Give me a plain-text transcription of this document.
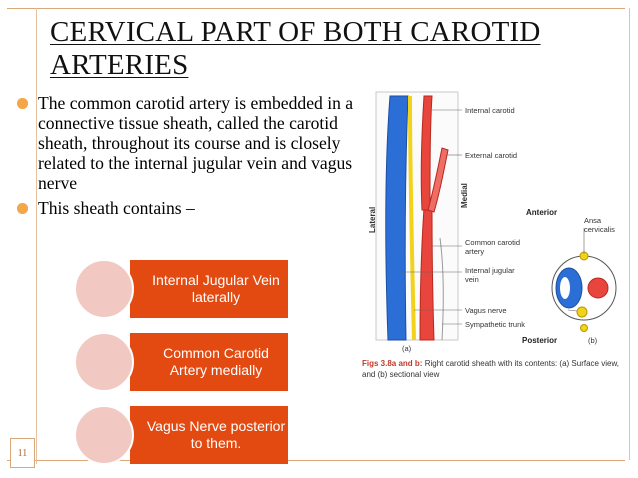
CERVICAL PART OF BOTH CAROTID ARTERIES
The common carotid artery is embedded in a connective tissue sheath, called the carotid sheath, throughout its course and is closely related to the internal jugular vein and vagus nerve
This sheath contains –
Internal Jugular Vein laterally
Common Carotid Artery medially
Vagus Nerve posterior to them.
11
Internal carotid
External carotid
Lateral
Medial
Anterior
Ansa cervicalis
Common carotid artery
Internal jugular vein
Vagus nerve
Sympathetic trunk
Posterior
(a)
(b)
Figs 3.8a and b: Right carotid sheath with its contents: (a) Surface view, and (b) sectional view
